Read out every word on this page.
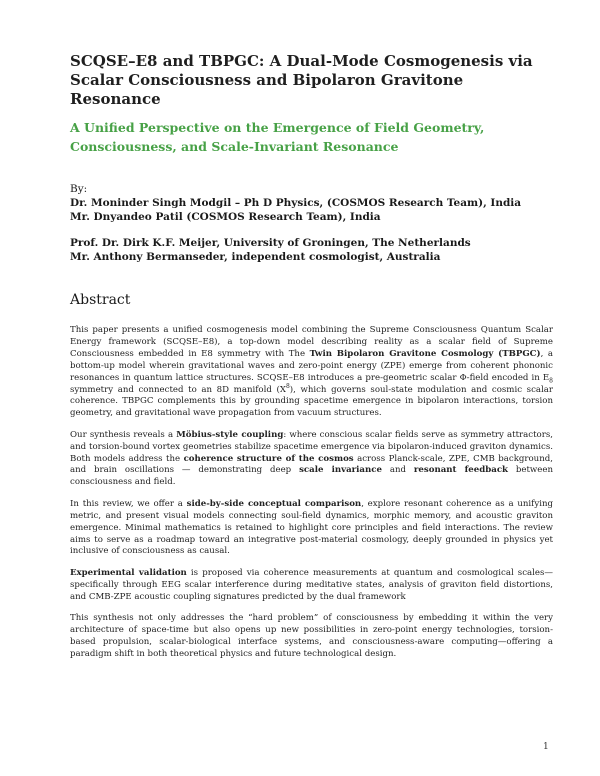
SCQSE–E8 and TBPGC: A Dual-Mode Cosmogenesis via Scalar Consciousness and Bipolaron Gravitone Resonance
A Unified Perspective on the Emergence of Field Geometry, Consciousness, and Scale-Invariant Resonance
By:
Dr. Moninder Singh Modgil – Ph D Physics, (COSMOS Research Team), India
Mr. Dnyandeo Patil (COSMOS Research Team), India
Prof. Dr. Dirk K.F. Meijer, University of Groningen, The Netherlands
Mr. Anthony Bermanseder, independent cosmologist, Australia
Abstract

This paper presents a unified cosmogenesis model combining the Supreme Consciousness Quantum Scalar Energy framework (SCQSE–E8), a top-down model describing reality as a scalar field of Supreme Consciousness embedded in E8 symmetry with The Twin Bipolaron Gravitone Cosmology (TBPGC), a bottom-up model wherein gravitational waves and zero-point energy (ZPE) emerge from coherent phononic resonances in quantum lattice structures. SCQSE–E8 introduces a pre-geometric scalar Φ-field encoded in $E_8$ symmetry and connected to an 8D manifold $(X^8)$, which governs soul-state modulation and cosmic scalar coherence. TBPGC complements this by grounding spacetime emergence in bipolaron interactions, torsion geometry, and gravitational wave propagation from vacuum structures.

Our synthesis reveals a Möbius-style coupling: where conscious scalar fields serve as symmetry attractors, and torsion-bound vortex geometries stabilize spacetime emergence via bipolaron-induced graviton dynamics. Both models address the coherence structure of the cosmos across Planck-scale, ZPE, CMB background, and brain oscillations — demonstrating deep scale invariance and resonant feedback between consciousness and field.

In this review, we offer a side-by-side conceptual comparison, explore resonant coherence as a unifying metric, and present visual models connecting soul-field dynamics, morphic memory, and acoustic graviton emergence. Minimal mathematics is retained to highlight core principles and field interactions. The review aims to serve as a roadmap toward an integrative post-material cosmology, deeply grounded in physics yet inclusive of consciousness as causal.

Experimental validation is proposed via coherence measurements at quantum and cosmological scales—specifically through EEG scalar interference during meditative states, analysis of graviton field distortions, and CMB-ZPE acoustic coupling signatures predicted by the dual framework

This synthesis not only addresses the “hard problem” of consciousness by embedding it within the very architecture of space-time but also opens up new possibilities in zero-point energy technologies, torsion-based propulsion, scalar-biological interface systems, and consciousness-aware computing—offering a paradigm shift in both theoretical physics and future technological design.

1
